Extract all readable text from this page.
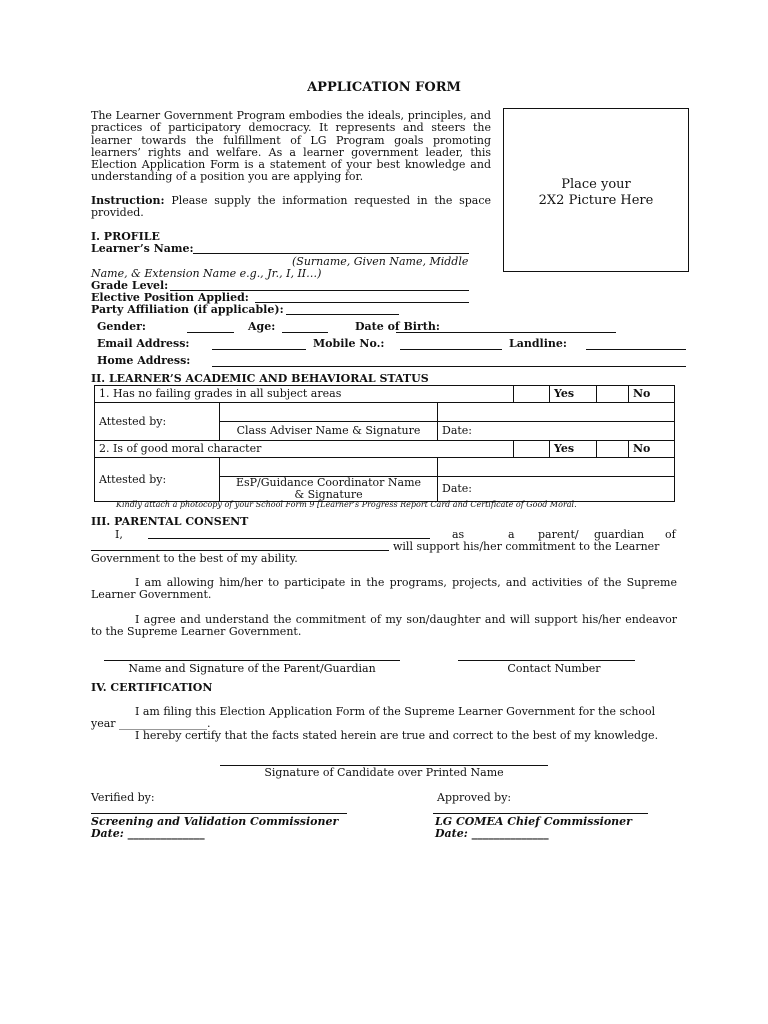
APPLICATION FORM
The Learner Government Program embodies the ideals, principles, and practices of participatory democracy. It represents and steers the learner towards the fulfillment of LG Program goals promoting learners’ rights and welfare. As a learner government leader, this Election Application Form is a statement of your best knowledge and understanding of a position you are applying for.
Instruction: Please supply the information requested in the space provided.
Place your
2X2 Picture Here
I. PROFILE
Learner’s Name:
(Surname, Given Name, Middle
Name, & Extension Name e.g., Jr., I, II…)
Grade Level:
Elective Position Applied:
Party Affiliation (if applicable):
Gender:	Age:	Date of Birth:
Email Address:	Mobile No.:	Landline:
Home Address:
II. LEARNER’S ACADEMIC AND BEHAVIORAL STATUS
1. Has no failing grades in all subject areas				Yes		No
Attested by:						
	Class Adviser Name & Signature	Date:				
2. Is of good moral character				Yes		No
Attested by:						

	EsP/Guidance Coordinator Name
& Signature	Date:				
Kindly attach a photocopy of your School Form 9 [Learner’s Progress Report Card and Certificate of Good Moral.
III. PARENTAL CONSENT
I,	as	a parent/ guardian of
will support his/her commitment to the Learner
Government to the best of my ability.
I am allowing him/her to participate in the programs, projects, and activities of the Supreme Learner Government.
I agree and understand the commitment of my son/daughter and will support his/her endeavor to the Supreme Learner Government.
Name and Signature of the Parent/Guardian	Contact Number
IV. CERTIFICATION
I am filing this Election Application Form of the Supreme Learner Government for the school
year ________________.
I hereby certify that the facts stated herein are true and correct to the best of my knowledge.
Signature of Candidate over Printed Name
Verified by:	Approved by:
Screening and Validation Commissioner	LG COMEA Chief Commissioner
Date: ______________	Date: ______________
